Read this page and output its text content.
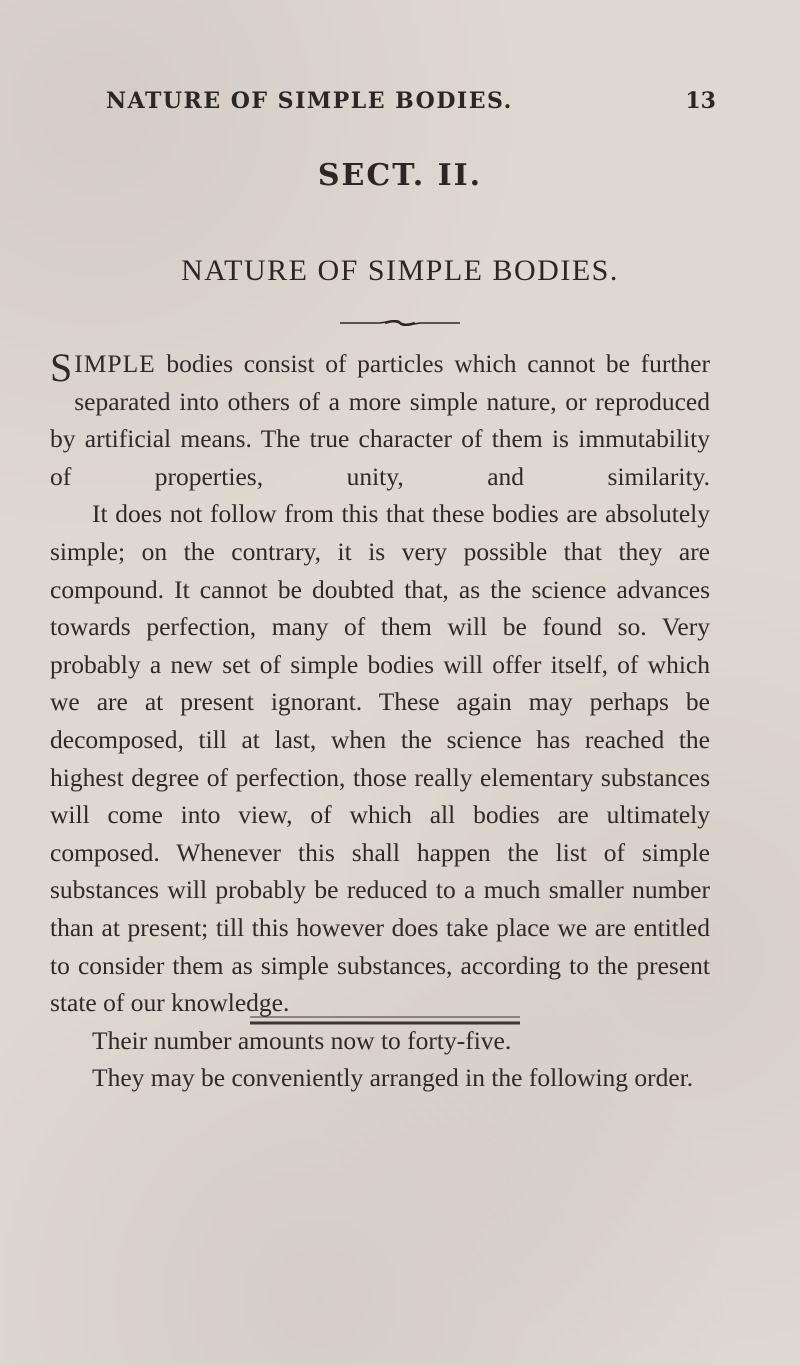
NATURE OF SIMPLE BODIES.	13
SECT. II.
NATURE OF SIMPLE BODIES.

SIMPLE bodies consist of particles which cannot be further separated into others of a more simple nature, or reproduced by artificial means. The true character of them is immutability of properties, unity, and similarity.

It does not follow from this that these bodies are absolutely simple; on the contrary, it is very possible that they are compound. It cannot be doubted that, as the science advances towards perfection, many of them will be found so. Very probably a new set of simple bodies will offer itself, of which we are at present ignorant. These again may perhaps be decomposed, till at last, when the science has reached the highest degree of perfection, those really elementary substances will come into view, of which all bodies are ultimately composed. Whenever this shall happen the list of simple substances will probably be reduced to a much smaller number than at present; till this however does take place we are entitled to consider them as simple substances, according to the present state of our knowledge.

Their number amounts now to forty-five.

They may be conveniently arranged in the following order.
